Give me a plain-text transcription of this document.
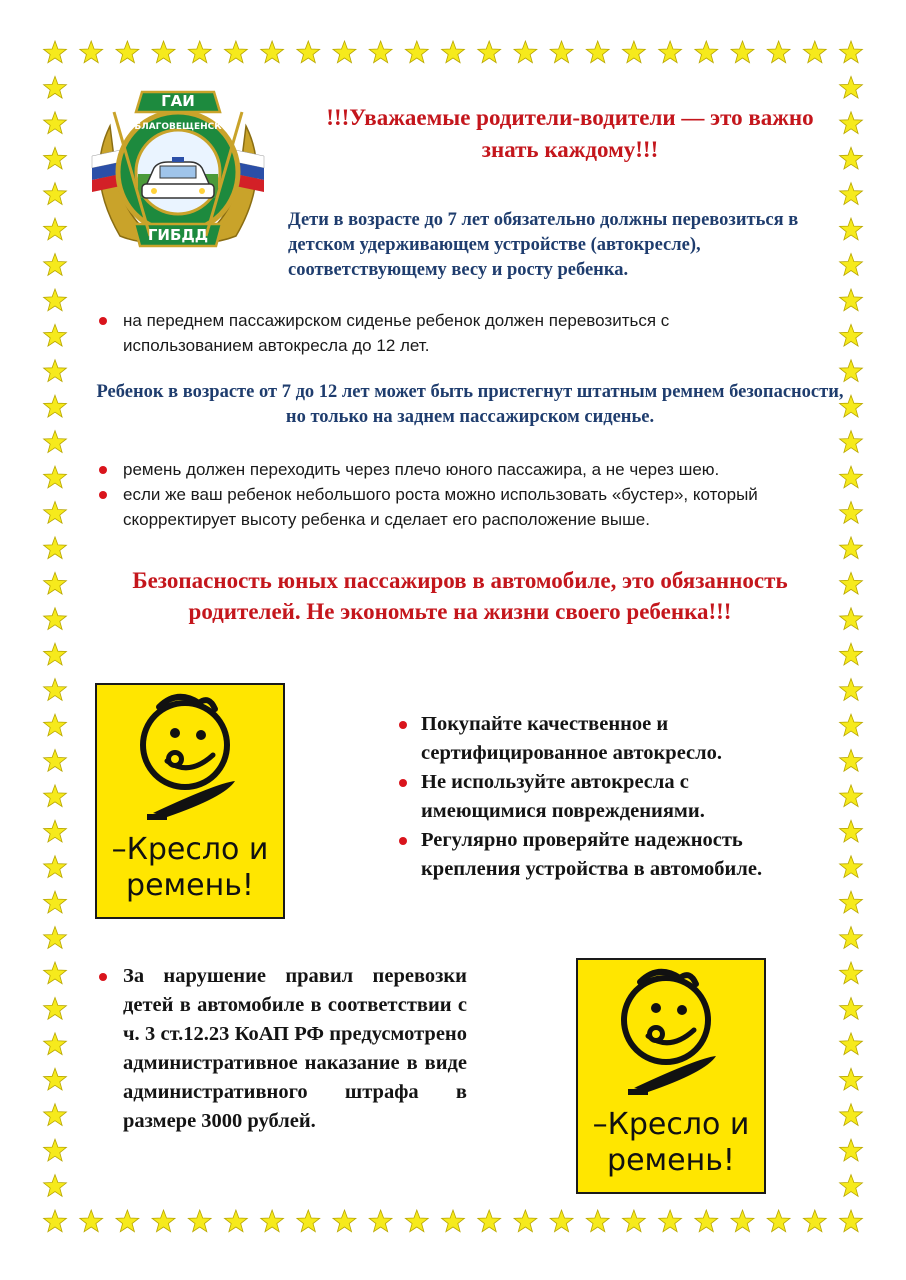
ГАИ
БЛАГОВЕЩЕНСК
ГИБДД
!!!Уважаемые родители-водители — это важно знать каждому!!!
Дети в возрасте до 7 лет обязательно должны перевозиться в детском удерживающем устройстве (автокресле), соответствующему весу и росту ребенка.
на переднем пассажирском сиденье ребенок должен перевозиться с использованием автокресла до 12 лет.
Ребенок в возрасте от 7 до 12 лет может быть пристегнут штатным ремнем безопасности, но только на заднем пассажирском сиденье.
ремень должен переходить через плечо юного пассажира, а не через шею.
если же ваш ребенок небольшого роста можно использовать «бустер», который скорректирует высоту ребенка и сделает его расположение выше.
Безопасность юных пассажиров в автомобиле, это обязанность родителей. Не экономьте на жизни своего ребенка!!!
–Кресло и
ремень!
Покупайте качественное и сертифицированное автокресло.
Не используйте автокресла с имеющимися повреждениями.
Регулярно проверяйте надежность крепления устройства в автомобиле.
За нарушение правил перевозки детей в автомобиле в соответствии с ч. 3 ст.12.23 КоАП РФ предусмотрено административное наказание в виде административного штрафа в размере 3000 рублей.	–Кресло и
ремень!
